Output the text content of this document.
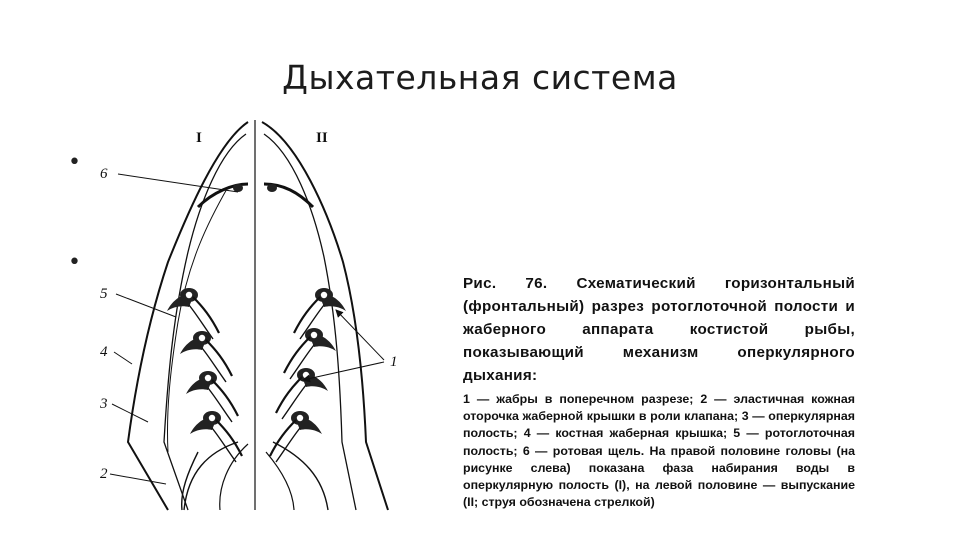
Дыхательная система
•
•
I	II
6
5
4
3
2
1
Рис. 76. Схематический горизонтальный (фронтальный) разрез ротоглоточной полости и жаберного аппарата костистой рыбы, показывающий механизм оперкулярного дыхания:
1 — жабры в поперечном разрезе; 2 — эластичная кожная оторочка жаберной крышки в роли клапана; 3 — оперкулярная полость; 4 — костная жаберная крышка; 5 — ротоглоточная полость; 6 — ротовая щель. На правой половине головы (на рисунке слева) показана фаза набирания воды в оперкулярную полость (I), на левой половине — выпускание (II; струя обозначена стрелкой)
